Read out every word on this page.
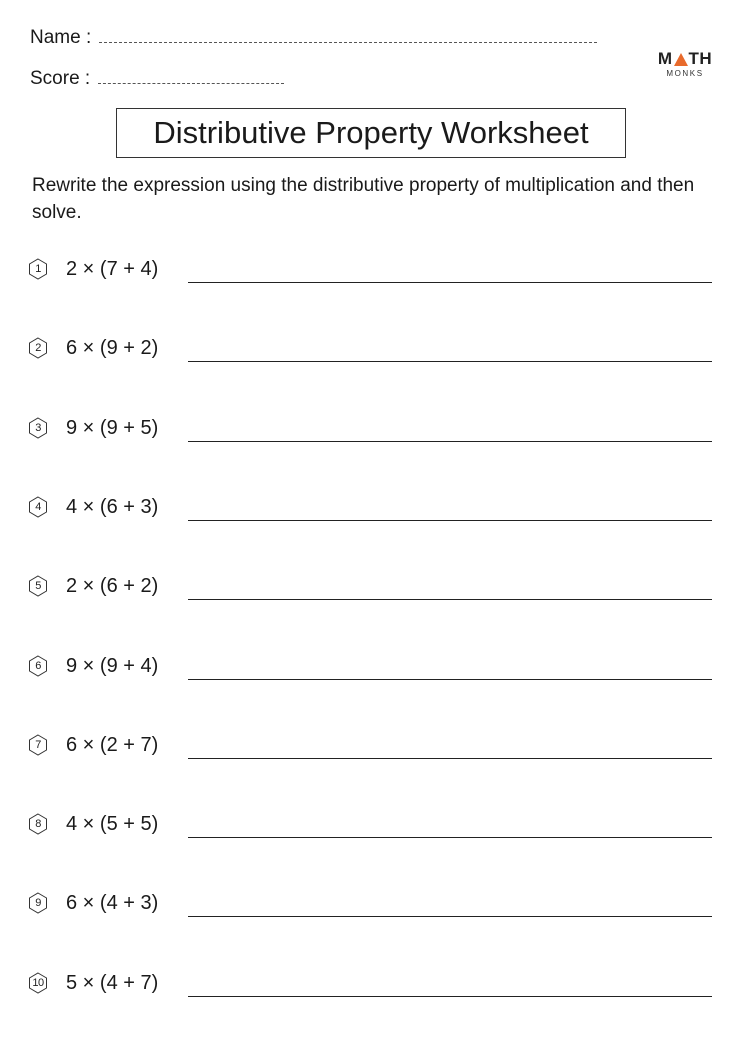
Name :
Score :
M TH
MONKS
Distributive Property Worksheet
Rewrite the expression using the distributive property of multiplication and then solve.
1	2 × (7 + 4)
2	6 × (9 + 2)
3	9 × (9 + 5)
4	4 × (6 + 3)
5	2 × (6 + 2)
6	9 × (9 + 4)
7	6 × (2 + 7)
8	4 × (5 + 5)
9	6 × (4 + 3)
10 5 × (4 + 7)
